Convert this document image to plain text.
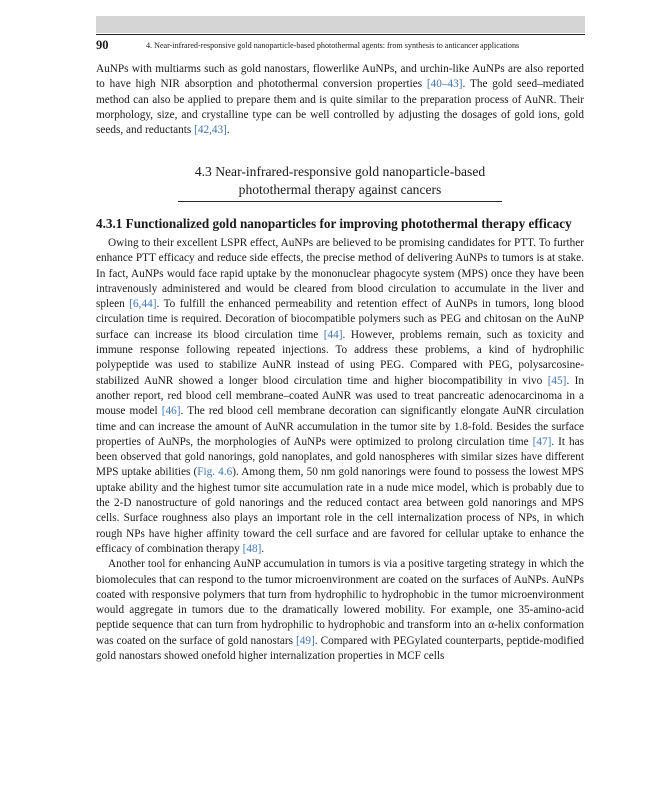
90	4. Near-infrared-responsive gold nanoparticle-based photothermal agents: from synthesis to anticancer applications

AuNPs with multiarms such as gold nanostars, flowerlike AuNPs, and urchin-like AuNPs are also reported to have high NIR absorption and photothermal conversion properties [40–43]. The gold seed–mediated method can also be applied to prepare them and is quite similar to the preparation process of AuNR. Their morphology, size, and crystalline type can be well controlled by adjusting the dosages of gold ions, gold seeds, and reductants [42,43].

4.3 Near-infrared-responsive gold nanoparticle-based
photothermal therapy against cancers
4.3.1 Functionalized gold nanoparticles for improving photothermal therapy efficacy

Owing to their excellent LSPR effect, AuNPs are believed to be promising candidates for PTT. To further enhance PTT efficacy and reduce side effects, the precise method of delivering AuNPs to tumors is at stake. In fact, AuNPs would face rapid uptake by the mononuclear phagocyte system (MPS) once they have been intravenously administered and would be cleared from blood circulation to accumulate in the liver and spleen [6,44]. To fulfill the enhanced permeability and retention effect of AuNPs in tumors, long blood circulation time is required. Decoration of biocompatible polymers such as PEG and chitosan on the AuNP surface can increase its blood circulation time [44]. However, problems remain, such as toxicity and immune response following repeated injections. To address these problems, a kind of hydrophilic polypeptide was used to stabilize AuNR instead of using PEG. Compared with PEG, polysarcosine-stabilized AuNR showed a longer blood circulation time and higher biocompatibility in vivo [45]. In another report, red blood cell membrane–coated AuNR was used to treat pancreatic adenocarcinoma in a mouse model [46]. The red blood cell membrane decoration can significantly elongate AuNR circulation time and can increase the amount of AuNR accumulation in the tumor site by 1.8-fold. Besides the surface properties of AuNPs, the morphologies of AuNPs were optimized to prolong circulation time [47]. It has been observed that gold nanorings, gold nanoplates, and gold nanospheres with similar sizes have different MPS uptake abilities (Fig. 4.6). Among them, 50 nm gold nanorings were found to possess the lowest MPS uptake ability and the highest tumor site accumulation rate in a nude mice model, which is probably due to the 2-D nanostructure of gold nanorings and the reduced contact area between gold nanorings and MPS cells. Surface roughness also plays an important role in the cell internalization process of NPs, in which rough NPs have higher affinity toward the cell surface and are favored for cellular uptake to enhance the efficacy of combination therapy [48].

Another tool for enhancing AuNP accumulation in tumors is via a positive targeting strategy in which the biomolecules that can respond to the tumor microenvironment are coated on the surfaces of AuNPs. AuNPs coated with responsive polymers that turn from hydrophilic to hydrophobic in the tumor microenvironment would aggregate in tumors due to the dramatically lowered mobility. For example, one 35-amino-acid peptide sequence that can turn from hydrophilic to hydrophobic and transform into an α-helix conformation was coated on the surface of gold nanostars [49]. Compared with PEGylated counterparts, peptide-modified gold nanostars showed onefold higher internalization properties in MCF cells
